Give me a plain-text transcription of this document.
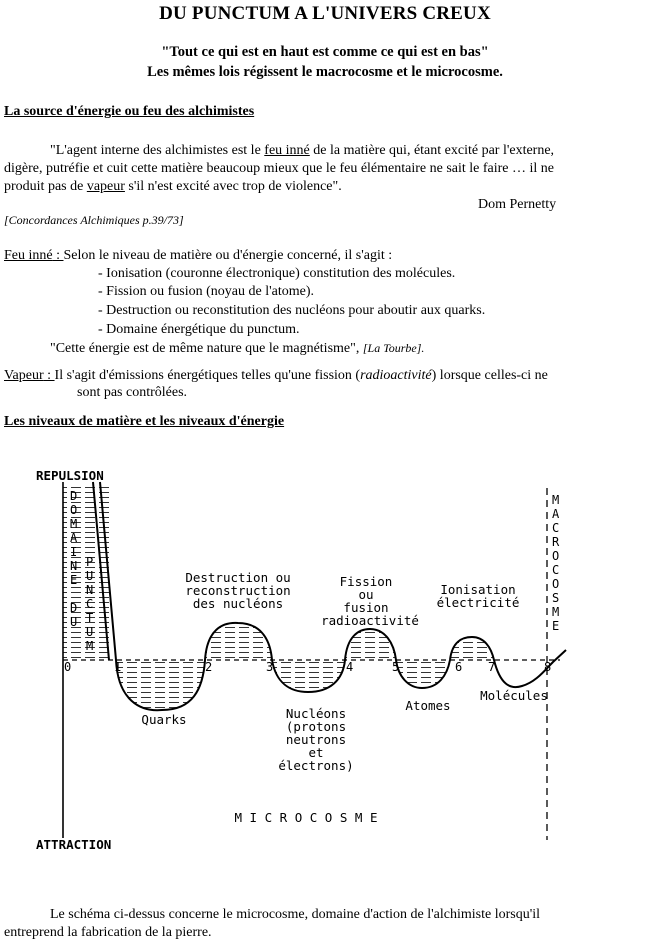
DU PUNCTUM A L'UNIVERS CREUX
"Tout ce qui est en haut est comme ce qui est en bas"
Les mêmes lois régissent le macrocosme et le microcosme.
La source d'énergie ou feu des alchimistes
"L'agent interne des alchimistes est le feu inné de la matière qui, étant excité par l'externe,
digère, putréfie et cuit cette matière beaucoup mieux que le feu élémentaire ne sait le faire … il ne
produit pas de vapeur s'il n'est excité avec trop de violence".
Dom Pernetty
[Concordances Alchimiques p.39/73]
Feu inné : Selon le niveau de matière ou d'énergie concerné, il s'agit :
- Ionisation (couronne électronique) constitution des molécules.
- Fission ou fusion (noyau de l'atome).
- Destruction ou reconstitution des nucléons pour aboutir aux quarks.
- Domaine énergétique du punctum.
"Cette énergie est de même nature que le magnétisme", [La Tourbe].
Vapeur : Il s'agit d'émissions énergétiques telles qu'une fission (radioactivité) lorsque celles-ci ne
sont pas contrôlées.
Les niveaux de matière et les niveaux d'énergie
REPULSION
ATTRACTION
D
O
M
A
I
N
E
D
U
P
U
N
C
T
U
M
M
A
C
R
O
C
O
S
M
E
0	1	2	3	4	5	6 7	8
Destruction ou
reconstruction
des nucléons
Fission
ou
fusion
radioactivité
Ionisation
électricité
Quarks	Nucléons
(protons
neutrons
et
électrons)
Atomes
Molécules
M I C R O C O S M E
Le schéma ci-dessus concerne le microcosme, domaine d'action de l'alchimiste lorsqu'il
entreprend la fabrication de la pierre.
